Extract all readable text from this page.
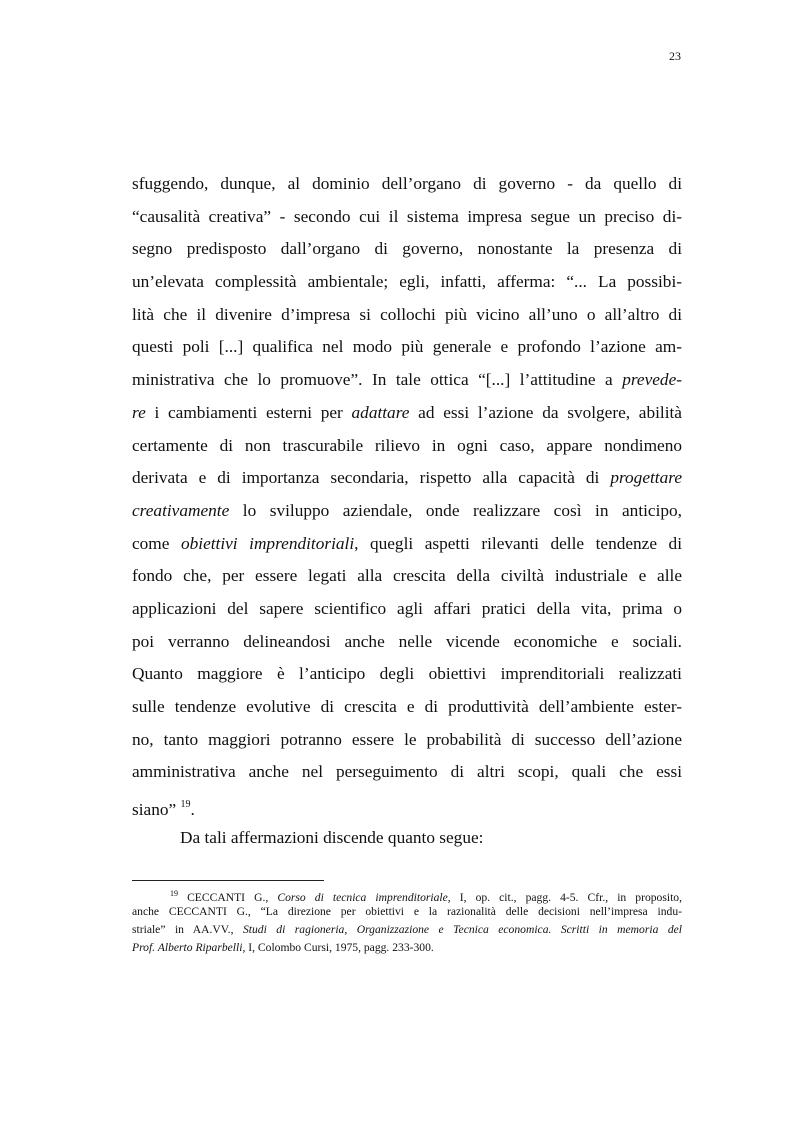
23
sfuggendo, dunque, al dominio dell’organo di governo - da quello di
“causalità creativa” - secondo cui il sistema impresa segue un preciso di-
segno predisposto dall’organo di governo, nonostante la presenza di
un’elevata complessità ambientale; egli, infatti, afferma: “... La possibi-
lità che il divenire d’impresa si collochi più vicino all’uno o all’altro di
questi poli [...] qualifica nel modo più generale e profondo l’azione am-
ministrativa che lo promuove”. In tale ottica “[...] l’attitudine a prevede-
re i cambiamenti esterni per adattare ad essi l’azione da svolgere, abilità
certamente di non trascurabile rilievo in ogni caso, appare nondimeno
derivata e di importanza secondaria, rispetto alla capacità di progettare
creativamente lo sviluppo aziendale, onde realizzare così in anticipo,
come obiettivi imprenditoriali, quegli aspetti rilevanti delle tendenze di
fondo che, per essere legati alla crescita della civiltà industriale e alle
applicazioni del sapere scientifico agli affari pratici della vita, prima o
poi verranno delineandosi anche nelle vicende economiche e sociali.
Quanto maggiore è l’anticipo degli obiettivi imprenditoriali realizzati
sulle tendenze evolutive di crescita e di produttività dell’ambiente ester-
no, tanto maggiori potranno essere le probabilità di successo dell’azione
amministrativa anche nel perseguimento di altri scopi, quali che essi
siano” $^{19}$.
Da tali affermazioni discende quanto segue:
$^{19}$ CECCANTI G., Corso di tecnica imprenditoriale, I, op. cit., pagg. 4-5. Cfr., in proposito,
anche CECCANTI G., “La direzione per obiettivi e la razionalità delle decisioni nell’impresa indu-
striale” in AA.VV., Studi di ragioneria, Organizzazione e Tecnica economica. Scritti in memoria del
Prof. Alberto Riparbelli, I, Colombo Cursi, 1975, pagg. 233-300.
